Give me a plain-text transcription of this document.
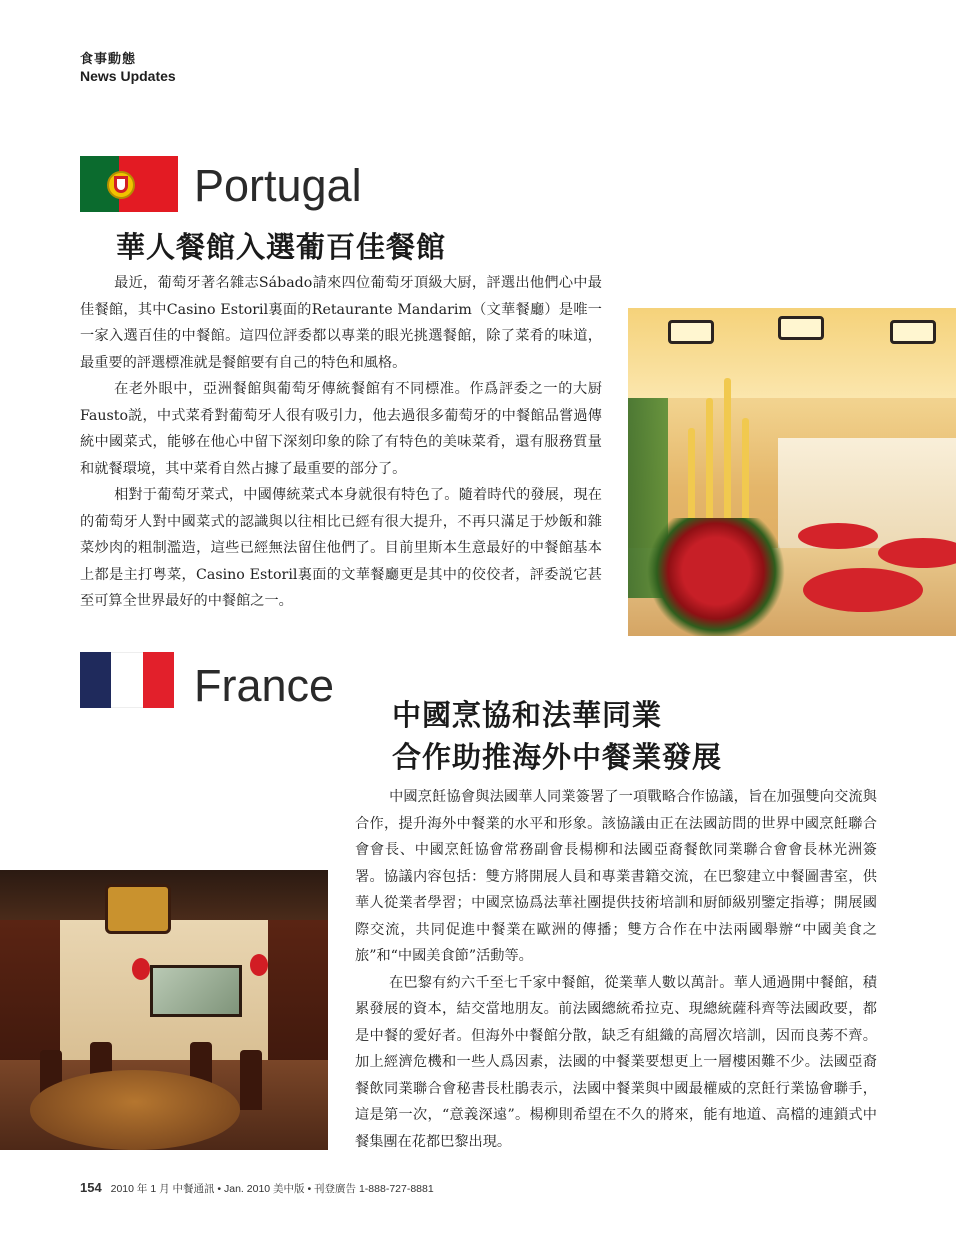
食事動態
News Updates
Portugal
華人餐館入選葡百佳餐館

最近，葡萄牙著名雜志Sábado請來四位葡萄牙頂級大厨，評選出他們心中最佳餐館，其中Casino Estoril裏面的Retaurante Mandarim（文華餐廳）是唯一一家入選百佳的中餐館。這四位評委都以專業的眼光挑選餐館，除了菜肴的味道，最重要的評選標准就是餐館要有自己的特色和風格。

在老外眼中，亞洲餐館與葡萄牙傳統餐館有不同標准。作爲評委之一的大厨Fausto説，中式菜肴對葡萄牙人很有吸引力，他去過很多葡萄牙的中餐館品嘗過傳統中國菜式，能够在他心中留下深刻印象的除了有特色的美味菜肴，還有服務質量和就餐環境，其中菜肴自然占據了最重要的部分了。

相對于葡萄牙菜式，中國傳統菜式本身就很有特色了。隨着時代的發展，現在的葡萄牙人對中國菜式的認識與以往相比已經有很大提升，不再只滿足于炒飯和雜菜炒肉的粗制濫造，這些已經無法留住他們了。目前里斯本生意最好的中餐館基本上都是主打粤菜，Casino Estoril裏面的文華餐廳更是其中的佼佼者，評委説它甚至可算全世界最好的中餐館之一。

France
中國烹協和法華同業
合作助推海外中餐業發展

中國烹飪協會與法國華人同業簽署了一項戰略合作協議，旨在加强雙向交流與合作，提升海外中餐業的水平和形象。該協議由正在法國訪問的世界中國烹飪聯合會會長、中國烹飪協會常務副會長楊柳和法國亞裔餐飲同業聯合會會長林光洲簽署。協議内容包括：雙方將開展人員和專業書籍交流，在巴黎建立中餐圖書室，供華人從業者學習；中國烹協爲法華社團提供技術培訓和厨師級别鑒定指導；開展國際交流，共同促進中餐業在歐洲的傳播；雙方合作在中法兩國舉辦“中國美食之旅”和“中國美食節”活動等。

在巴黎有約六千至七千家中餐館，從業華人數以萬計。華人通過開中餐館，積累發展的資本，結交當地朋友。前法國總統希拉克、現總統薩科齊等法國政要，都是中餐的愛好者。但海外中餐館分散，缺乏有組織的高層次培訓，因而良莠不齊。加上經濟危機和一些人爲因素，法國的中餐業要想更上一層樓困難不少。法國亞裔餐飲同業聯合會秘書長杜鵑表示，法國中餐業與中國最權威的烹飪行業協會聯手，這是第一次，“意義深遠”。楊柳則希望在不久的將來，能有地道、高檔的連鎖式中餐集團在花都巴黎出現。

154 2010 年 1 月 中餐通訊 • Jan. 2010 美中版 • 刊登廣告 1-888-727-8881
